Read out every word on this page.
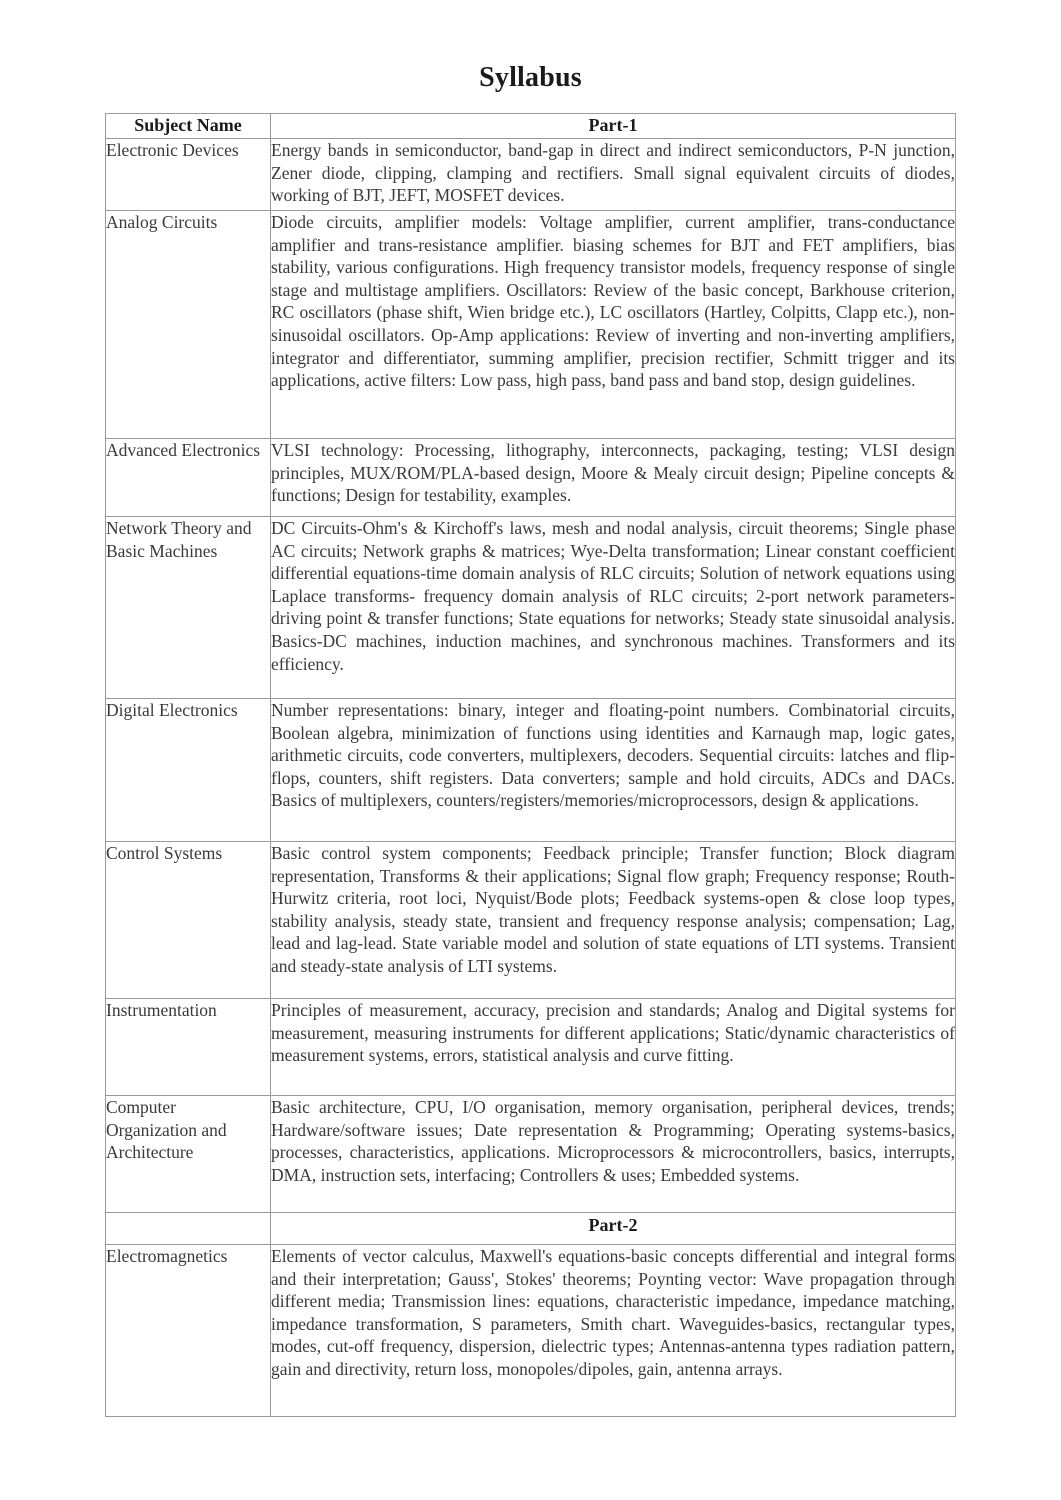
Syllabus
Subject Name	Part-1
Electronic Devices	Energy bands in semiconductor, band-gap in direct and indirect semiconductors, P-N junction, Zener diode, clipping, clamping and rectifiers. Small signal equivalent circuits of diodes, working of BJT, JEFT, MOSFET devices.
Analog Circuits	Diode circuits, amplifier models: Voltage amplifier, current amplifier, trans-conductance amplifier and trans-resistance amplifier. biasing schemes for BJT and FET amplifiers, bias stability, various configurations. High frequency transistor models, frequency response of single stage and multistage amplifiers. Oscillators: Review of the basic concept, Barkhouse criterion, RC oscillators (phase shift, Wien bridge etc.), LC oscillators (Hartley, Colpitts, Clapp etc.), non-sinusoidal oscillators. Op-Amp applications: Review of inverting and non-inverting amplifiers, integrator and differentiator, summing amplifier, precision rectifier, Schmitt trigger and its applications, active filters: Low pass, high pass, band pass and band stop, design guidelines.
Advanced Electronics	VLSI technology: Processing, lithography, interconnects, packaging, testing; VLSI design principles, MUX/ROM/PLA-based design, Moore & Mealy circuit design; Pipeline concepts & functions; Design for testability, examples.
Network Theory and Basic Machines	DC Circuits-Ohm's & Kirchoff's laws, mesh and nodal analysis, circuit theorems; Single phase AC circuits; Network graphs & matrices; Wye-Delta transformation; Linear constant coefficient differential equations-time domain analysis of RLC circuits; Solution of network equations using Laplace transforms- frequency domain analysis of RLC circuits; 2-port network parameters-driving point & transfer functions; State equations for networks; Steady state sinusoidal analysis. Basics-DC machines, induction machines, and synchronous machines. Transformers and its efficiency.
Digital Electronics	Number representations: binary, integer and floating-point numbers. Combinatorial circuits, Boolean algebra, minimization of functions using identities and Karnaugh map, logic gates, arithmetic circuits, code converters, multiplexers, decoders. Sequential circuits: latches and flip-flops, counters, shift registers. Data converters; sample and hold circuits, ADCs and DACs. Basics of multiplexers, counters/registers/memories/microprocessors, design & applications.
Control Systems	Basic control system components; Feedback principle; Transfer function; Block diagram representation, Transforms & their applications; Signal flow graph; Frequency response; Routh-Hurwitz criteria, root loci, Nyquist/Bode plots; Feedback systems-open & close loop types, stability analysis, steady state, transient and frequency response analysis; compensation; Lag, lead and lag-lead. State variable model and solution of state equations of LTI systems. Transient and steady-state analysis of LTI systems.
Instrumentation	Principles of measurement, accuracy, precision and standards; Analog and Digital systems for measurement, measuring instruments for different applications; Static/dynamic characteristics of measurement systems, errors, statistical analysis and curve fitting.
Computer Organization and Architecture	Basic architecture, CPU, I/O organisation, memory organisation, peripheral devices, trends; Hardware/software issues; Date representation & Programming; Operating systems-basics, processes, characteristics, applications. Microprocessors & microcontrollers, basics, interrupts, DMA, instruction sets, interfacing; Controllers & uses; Embedded systems.
	Part-2
Electromagnetics	Elements of vector calculus, Maxwell's equations-basic concepts differential and integral forms and their interpretation; Gauss', Stokes' theorems; Poynting vector: Wave propagation through different media; Transmission lines: equations, characteristic impedance, impedance matching, impedance transformation, S parameters, Smith chart. Waveguides-basics, rectangular types, modes, cut-off frequency, dispersion, dielectric types; Antennas-antenna types radiation pattern, gain and directivity, return loss, monopoles/dipoles, gain, antenna arrays.
